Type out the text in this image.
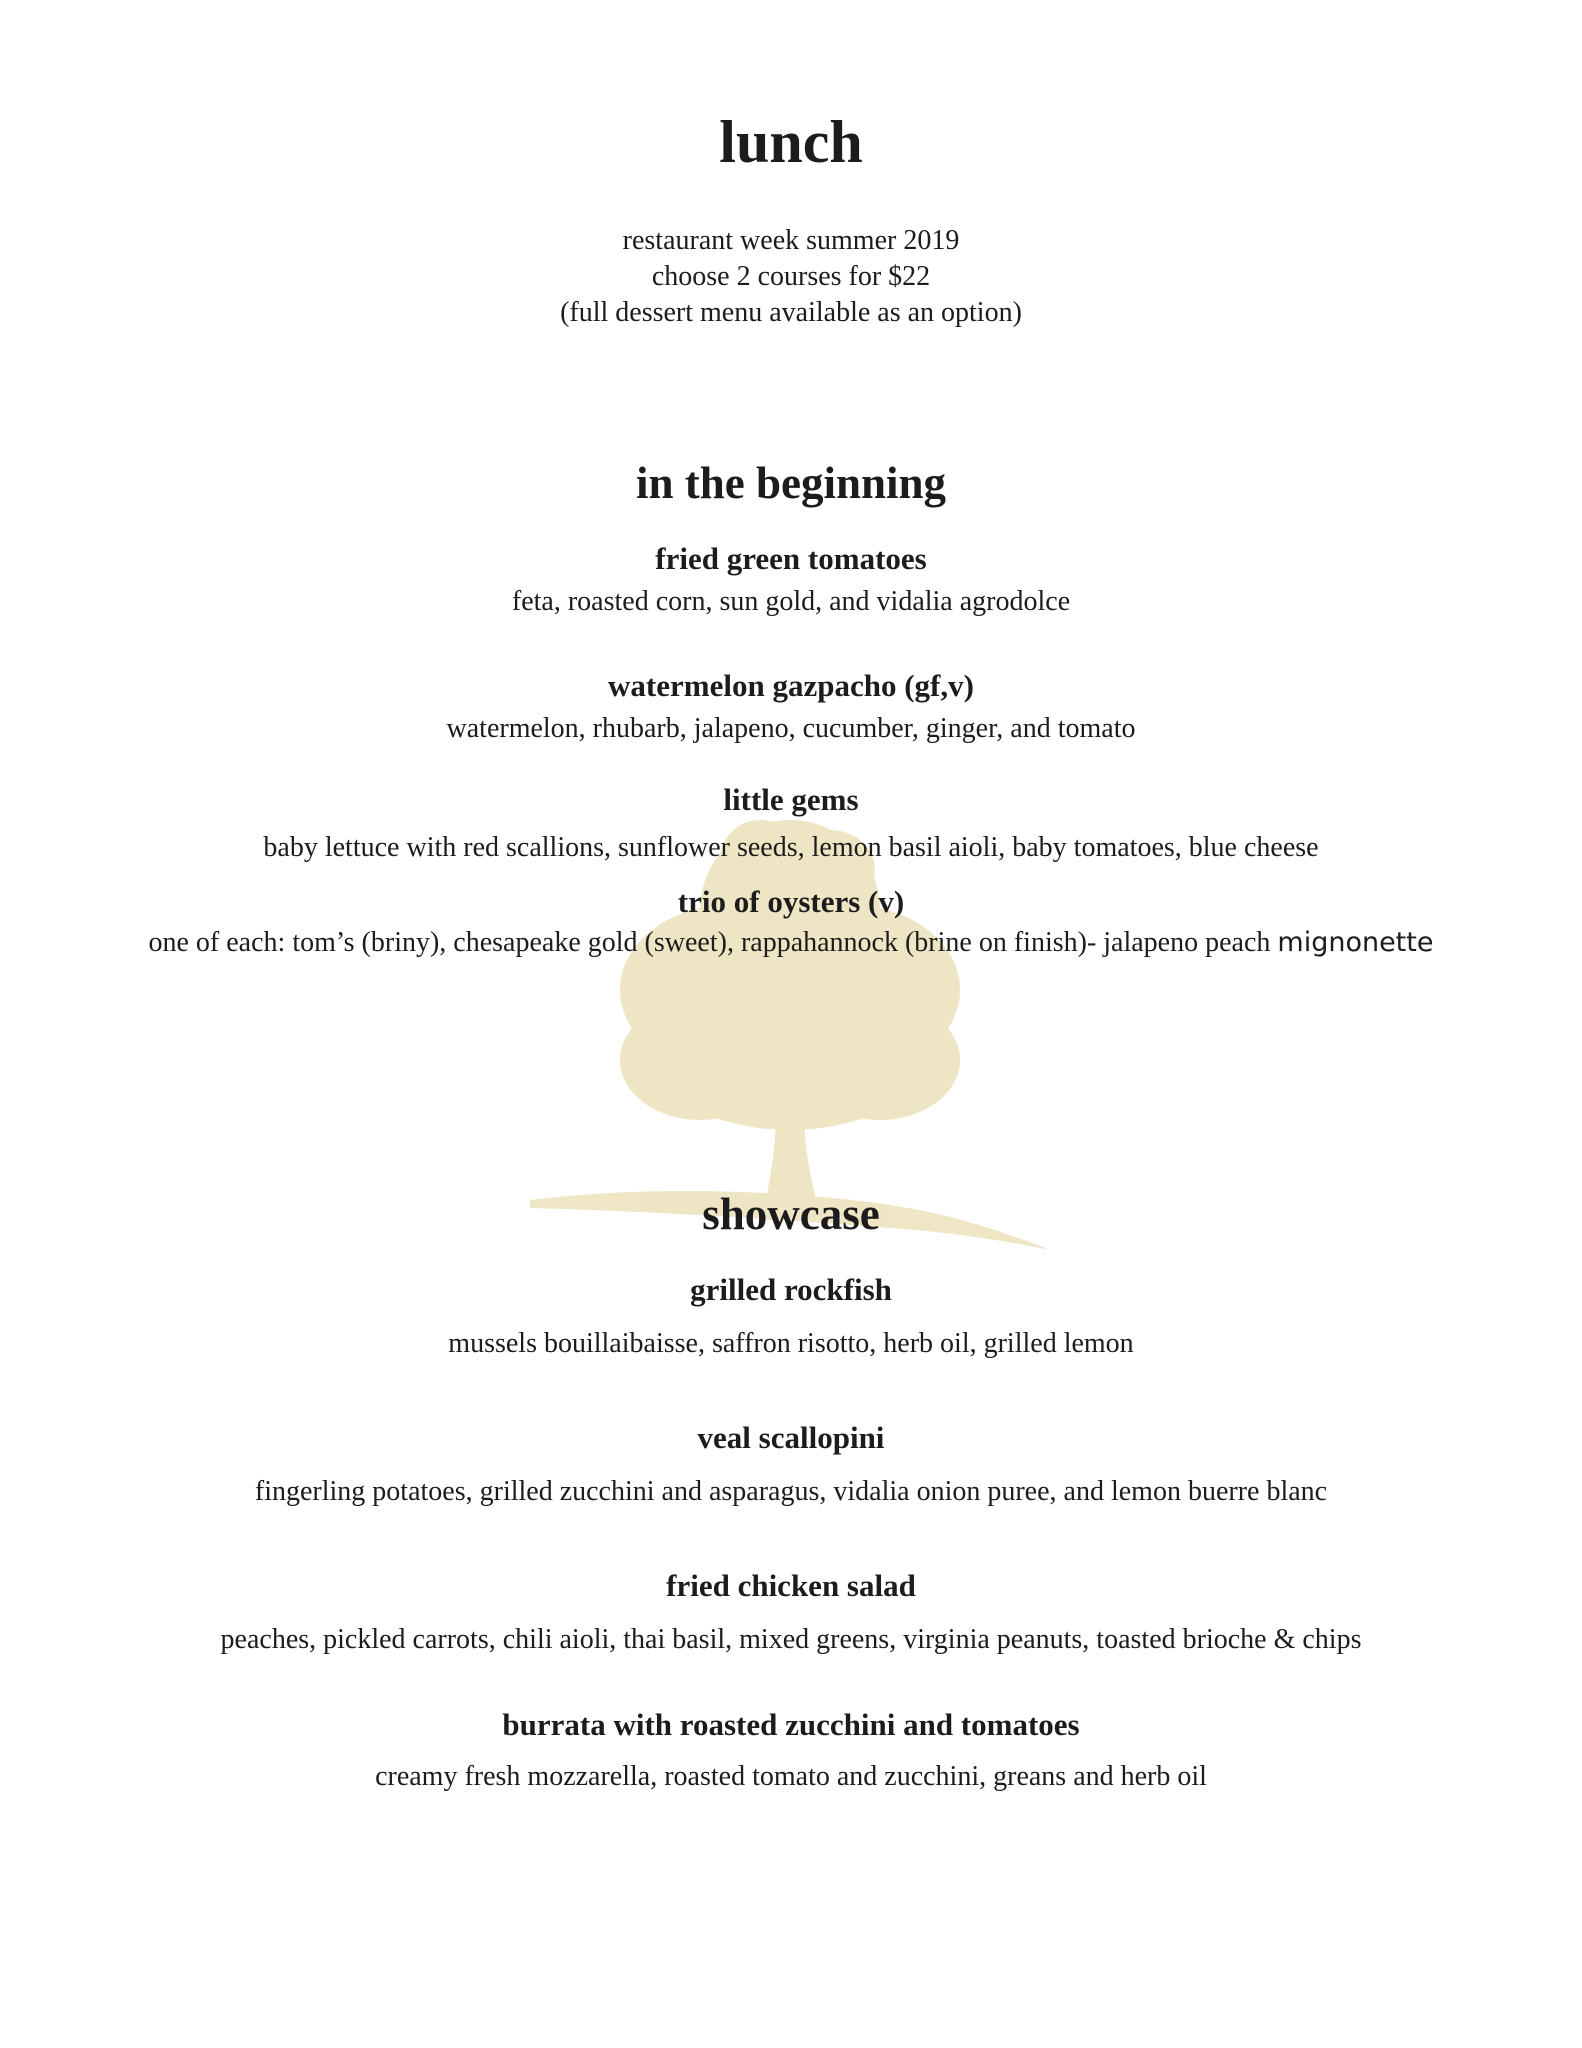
lunch
restaurant week summer 2019
choose 2 courses for $22
(full dessert menu available as an option)
in the beginning
fried green tomatoes
feta, roasted corn, sun gold, and vidalia agrodolce
watermelon gazpacho (gf,v)
watermelon, rhubarb, jalapeno, cucumber, ginger, and tomato
little gems
baby lettuce with red scallions, sunflower seeds, lemon basil aioli, baby tomatoes, blue cheese
trio of oysters (v)
one of each: tom’s (briny), chesapeake gold (sweet), rappahannock (brine on finish)- jalapeno peach mignonette
showcase
grilled rockfish
mussels bouillaibaisse, saffron risotto, herb oil, grilled lemon
veal scallopini
fingerling potatoes, grilled zucchini and asparagus, vidalia onion puree, and lemon buerre blanc
fried chicken salad
peaches, pickled carrots, chili aioli, thai basil, mixed greens, virginia peanuts, toasted brioche & chips
burrata with roasted zucchini and tomatoes
creamy fresh mozzarella, roasted tomato and zucchini, greans and herb oil
